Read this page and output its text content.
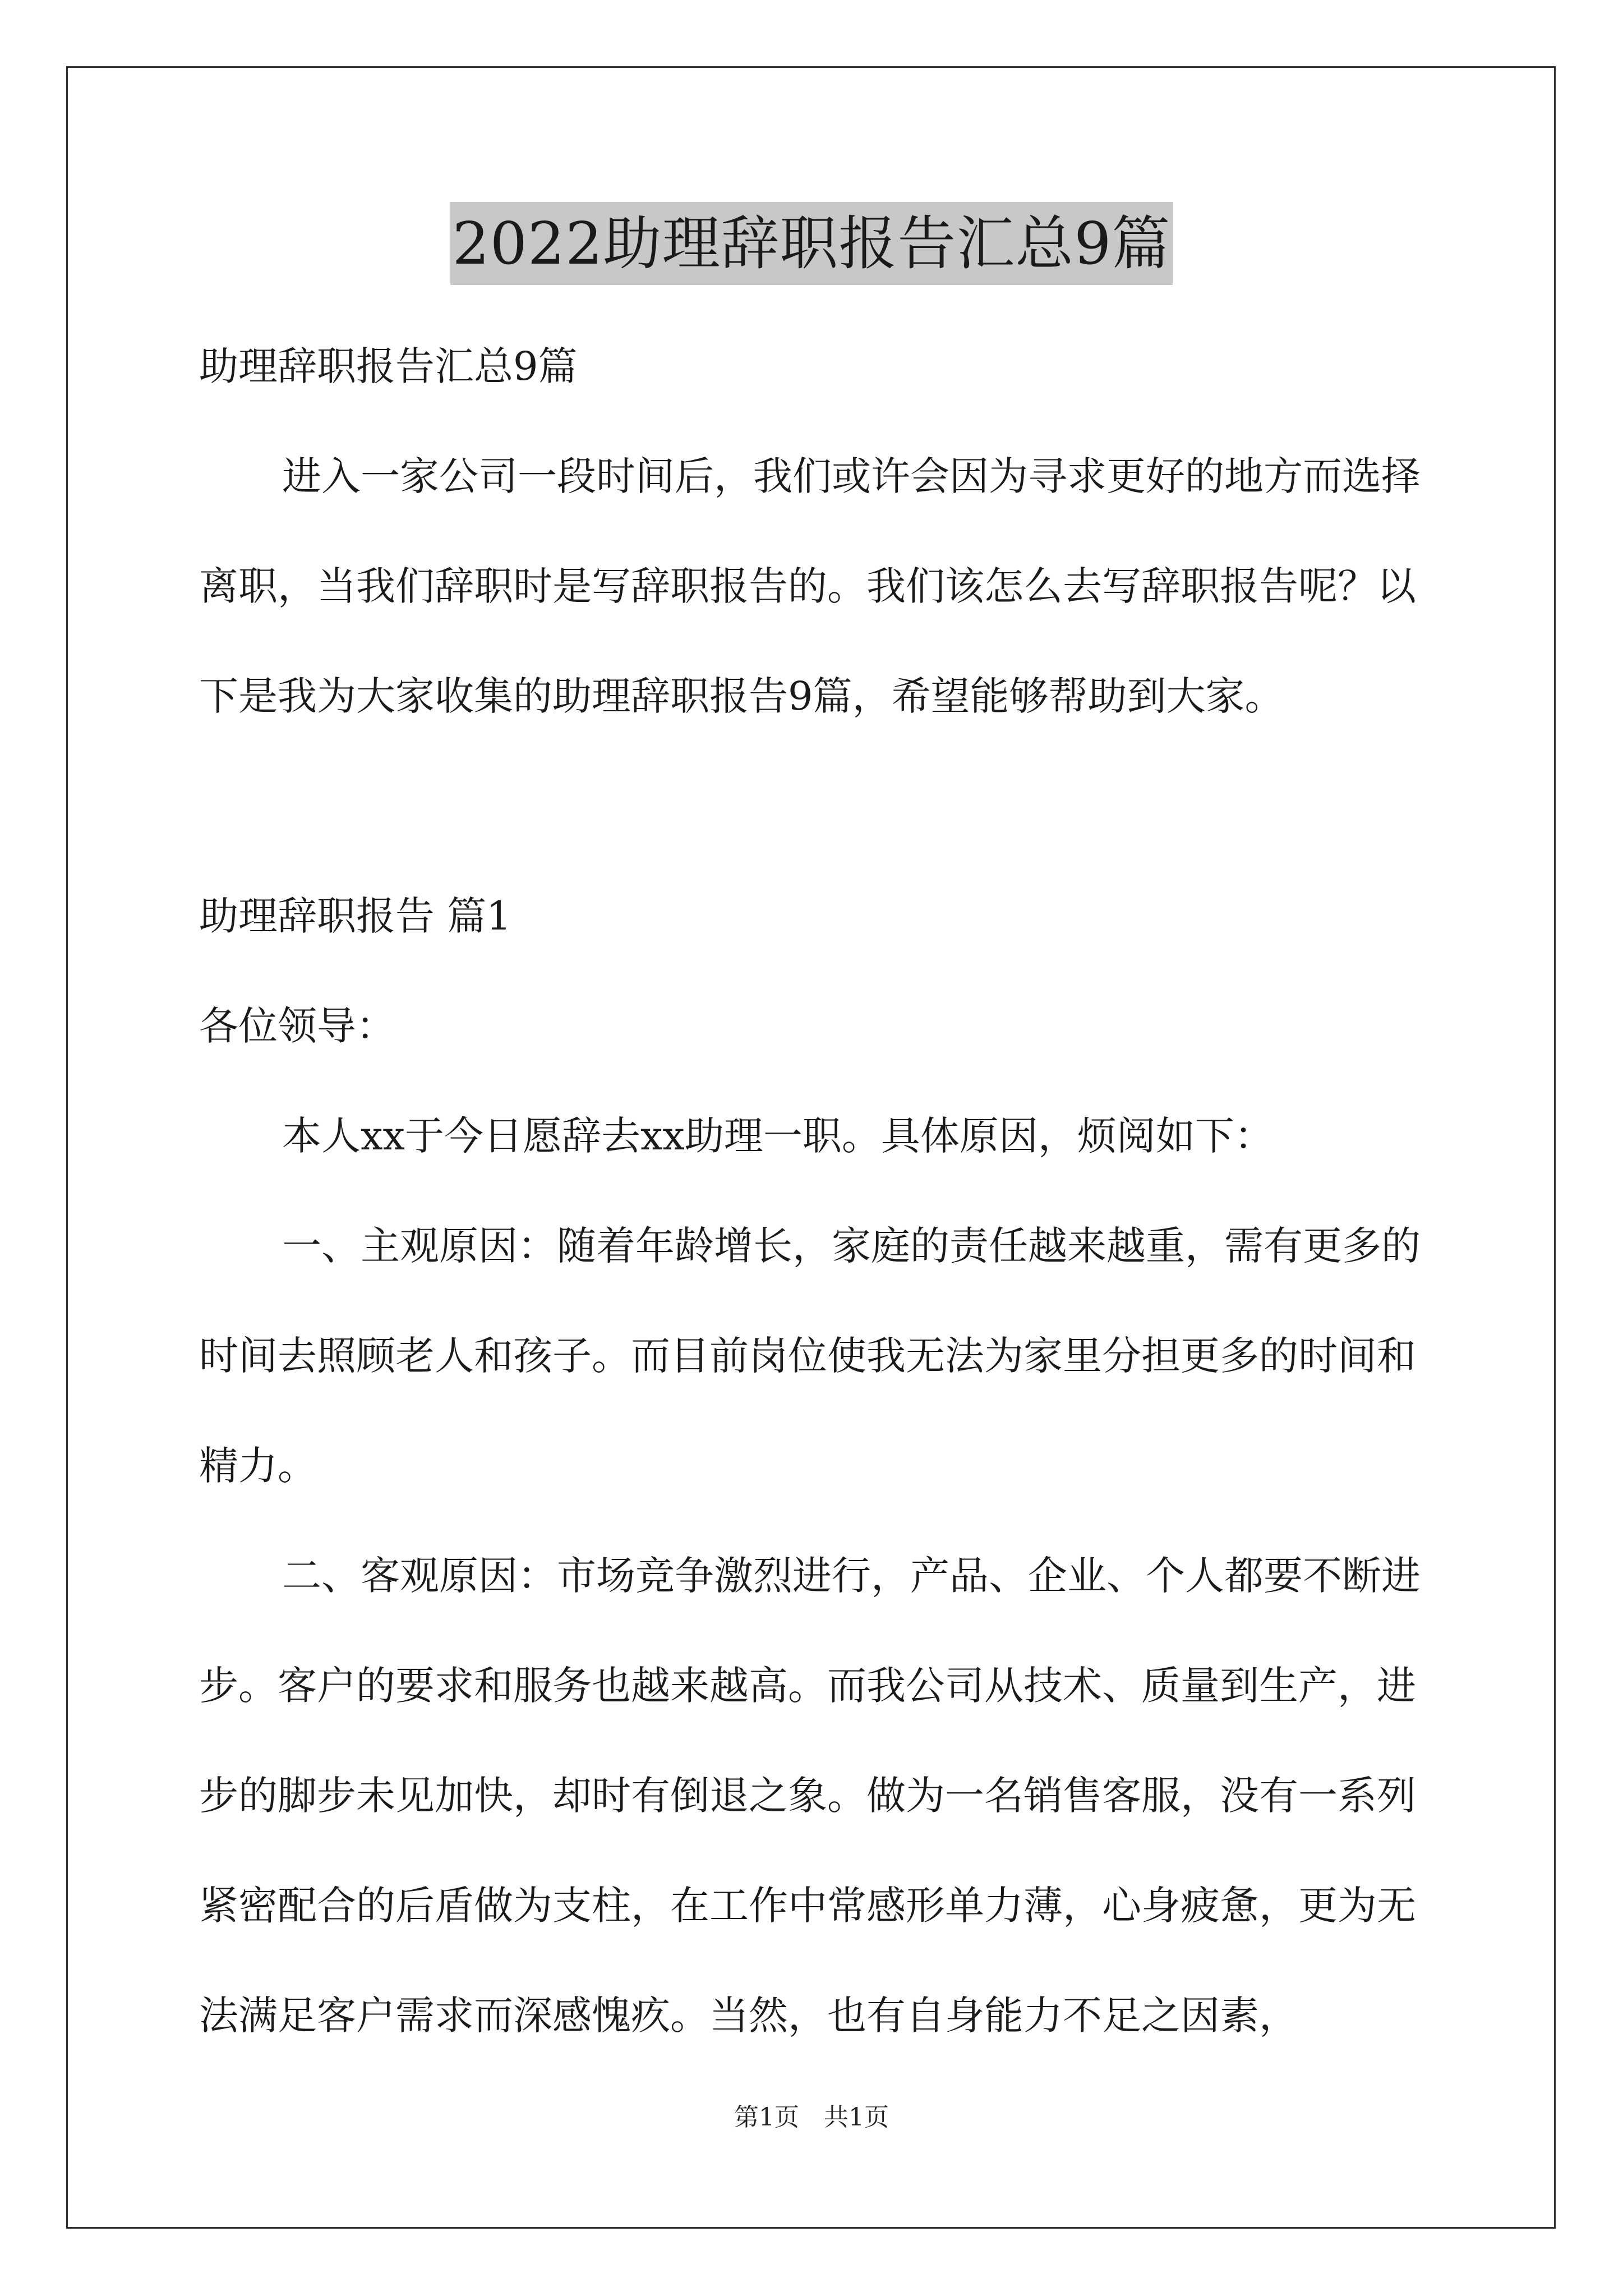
2022助理辞职报告汇总9篇

助理辞职报告汇总9篇

进入一家公司一段时间后，我们或许会因为寻求更好的地方而选择离职，当我们辞职时是写辞职报告的。我们该怎么去写辞职报告呢？以下是我为大家收集的助理辞职报告9篇，希望能够帮助到大家。

助理辞职报告 篇1

各位领导：

本人xx于今日愿辞去xx助理一职。具体原因，烦阅如下：

一、主观原因：随着年龄增长，家庭的责任越来越重，需有更多的时间去照顾老人和孩子。而目前岗位使我无法为家里分担更多的时间和精力。

二、客观原因：市场竞争激烈进行，产品、企业、个人都要不断进步。客户的要求和服务也越来越高。而我公司从技术、质量到生产，进步的脚步未见加快，却时有倒退之象。做为一名销售客服，没有一系列紧密配合的后盾做为支柱，在工作中常感形单力薄，心身疲惫，更为无法满足客户需求而深感愧疚。当然，也有自身能力不足之因素，

第1页 共1页
